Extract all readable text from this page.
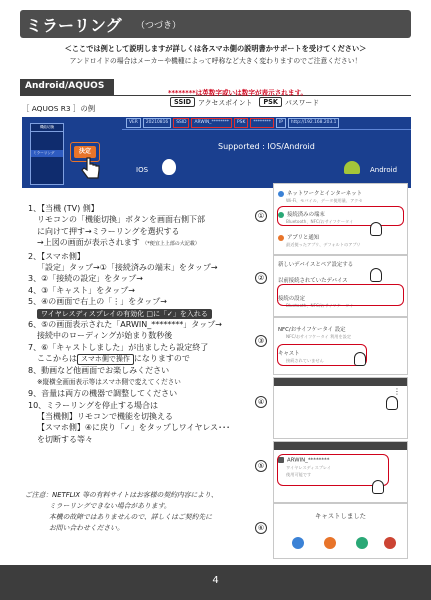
ミラーリング （つづき）
＜ここでは例として説明しますが詳しくは各スマホ側の説明書かサポートを受けてください＞
アンドロイドの場合はメーカーや機種によって呼称など大きく変わりますのでご注意ください！
Android/AQUOS
********は英数字或いは数字が表示されます。
SSID	アクセスポイント	PSK	パスワード
［ AQUOS R3 ］の例
機能切換

ミラーリング

VER	20210816	SSID	ARWIN_********	PSK	********	IP	http://192.168.203.1
Supported : IOS/Android
IOS	Android
決定
1、【当機 (TV) 側】
リモコンの「機能切換」ボタンを画面右側下部
に向けて押す→ミラーリングを選択する
→上図の画面が表示されます （*便宜上上部の大記載）
2、【スマホ側】
「設定」タップ→①「接続済みの端末」をタップ→
3、②「接続の設定」をタップ→
4、③「キャスト」をタップ→
5、④の画面で右上の「⋮」をタップ→
ワイヤレスディスプレイの有効化 □に「✓」を入れる
6、⑤の画面表示された「ARWIN_********」タップ→
接続中のローディングが始まり数秒後
7、⑥「キャストしました」が出ましたら設定終了
ここからは スマホ側で操作 になりますので
8、動画など他画面でお楽しみください
※縦横全画面表示等はスマホ側で変えてください
9、音量は両方の機器で調整してください
10、ミラーリングを停止する場合は
【当機側】リモコンで機能を切換える
【スマホ側】④に戻り「✓」をタップしワイヤレス･･･
を切断する等々
ご注意：NETFLIX 等の有料サイトはお客様の契約内容により、
ミラーリングできない場合があります。
本機の故障ではありませんので、詳しくはご契約先に
お問い合わせください。
①
ネットワークとインターネット
Wi-Fi、モバイル、データ使用量、アクセ
接続済みの端末
Bluetooth、NFC/おサイフケータイ
アプリと通知
最近使ったアプリ、デフォルトのアプリ
②
新しいデバイスとペア設定する
以前接続されていたデバイス
接続の設定
Bluetooth、NFC/おサイフケータイ
③
NFC/おサイフケータイ 設定
NFC/おサイフケータイ 利用を設定
キャスト
接続されていません
④
⋮
⑤
ARWIN_********
ワイヤレスディスプレイ
使用可能です
⑥
キャストしました
4
